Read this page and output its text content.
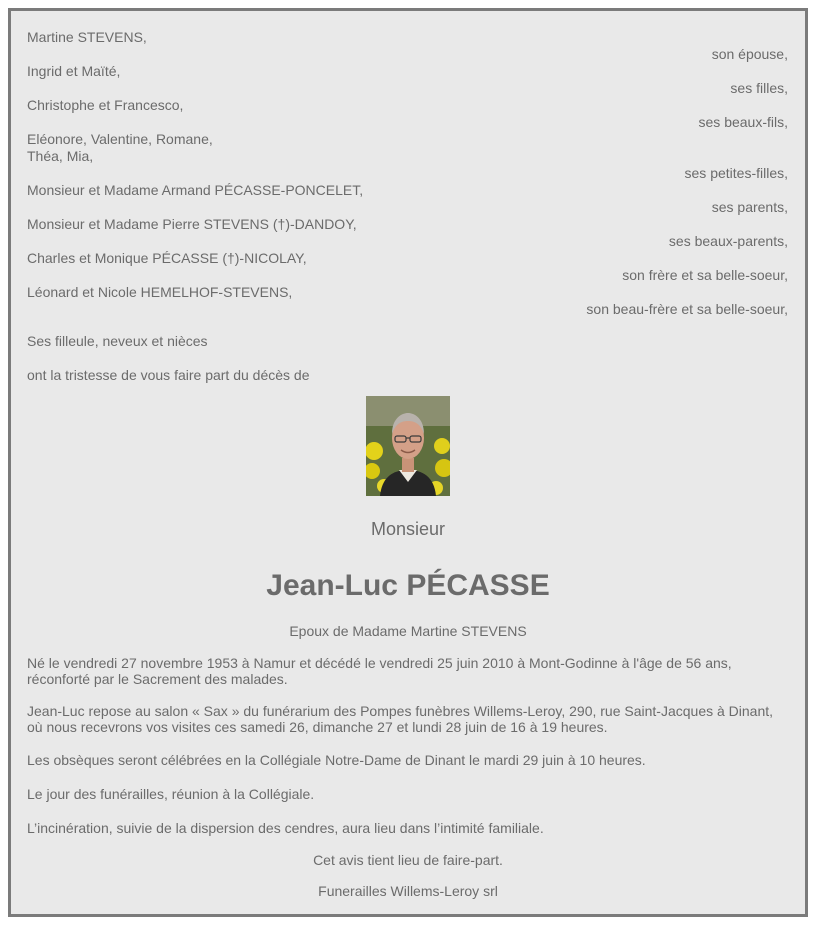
Martine STEVENS,
son épouse,
Ingrid et Maïté,
ses filles,
Christophe et Francesco,
ses beaux-fils,
Eléonore, Valentine, Romane,
Théa, Mia,
ses petites-filles,
Monsieur et Madame Armand PÉCASSE-PONCELET,
ses parents,
Monsieur et Madame Pierre STEVENS (†)-DANDOY,
ses beaux-parents,
Charles et Monique PÉCASSE (†)-NICOLAY,
son frère et sa belle-soeur,
Léonard et Nicole HEMELHOF-STEVENS,
son beau-frère et sa belle-soeur,
Ses filleule, neveux et nièces
ont la tristesse de vous faire part du décès de
Monsieur
Jean-Luc PÉCASSE
Epoux de Madame Martine STEVENS
Né le vendredi 27 novembre 1953 à Namur et décédé le vendredi 25 juin 2010 à Mont-Godinne à l'âge de 56 ans, réconforté par le Sacrement des malades.
Jean-Luc repose au salon « Sax » du funérarium des Pompes funèbres Willems-Leroy, 290, rue Saint-Jacques à Dinant, où nous recevrons vos visites ces samedi 26, dimanche 27 et lundi 28 juin de 16 à 19 heures.
Les obsèques seront célébrées en la Collégiale Notre-Dame de Dinant le mardi 29 juin à 10 heures.
Le jour des funérailles, réunion à la Collégiale.
L’incinération, suivie de la dispersion des cendres, aura lieu dans l’intimité familiale.
Cet avis tient lieu de faire-part.
Funerailles Willems-Leroy srl
